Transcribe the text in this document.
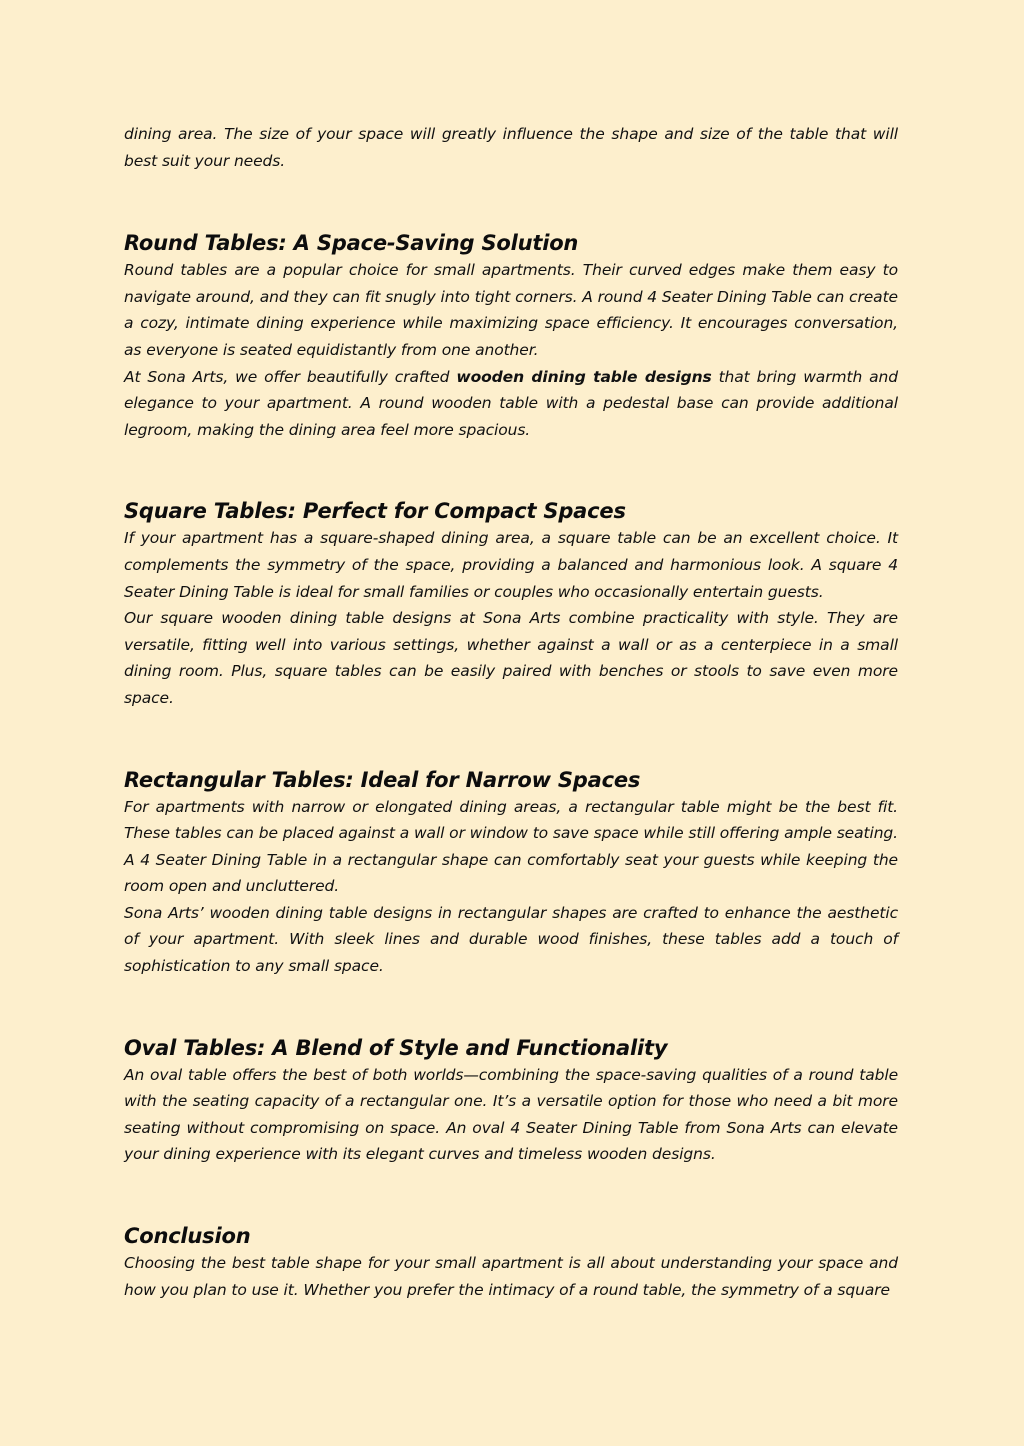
dining area. The size of your space will greatly influence the shape and size of the table that will best suit your needs.

Round Tables: A Space-Saving Solution

Round tables are a popular choice for small apartments. Their curved edges make them easy to navigate around, and they can fit snugly into tight corners. A round 4 Seater Dining Table can create a cozy, intimate dining experience while maximizing space efficiency. It encourages conversation, as everyone is seated equidistantly from one another.

At Sona Arts, we offer beautifully crafted wooden dining table designs that bring warmth and elegance to your apartment. A round wooden table with a pedestal base can provide additional legroom, making the dining area feel more spacious.

Square Tables: Perfect for Compact Spaces

If your apartment has a square-shaped dining area, a square table can be an excellent choice. It complements the symmetry of the space, providing a balanced and harmonious look. A square 4 Seater Dining Table is ideal for small families or couples who occasionally entertain guests.

Our square wooden dining table designs at Sona Arts combine practicality with style. They are versatile, fitting well into various settings, whether against a wall or as a centerpiece in a small dining room. Plus, square tables can be easily paired with benches or stools to save even more space.

Rectangular Tables: Ideal for Narrow Spaces

For apartments with narrow or elongated dining areas, a rectangular table might be the best fit. These tables can be placed against a wall or window to save space while still offering ample seating. A 4 Seater Dining Table in a rectangular shape can comfortably seat your guests while keeping the room open and uncluttered.

Sona Arts’ wooden dining table designs in rectangular shapes are crafted to enhance the aesthetic of your apartment. With sleek lines and durable wood finishes, these tables add a touch of sophistication to any small space.

Oval Tables: A Blend of Style and Functionality

An oval table offers the best of both worlds—combining the space-saving qualities of a round table with the seating capacity of a rectangular one. It’s a versatile option for those who need a bit more seating without compromising on space. An oval 4 Seater Dining Table from Sona Arts can elevate your dining experience with its elegant curves and timeless wooden designs.

Conclusion

Choosing the best table shape for your small apartment is all about understanding your space and how you plan to use it. Whether you prefer the intimacy of a round table, the symmetry of a square
